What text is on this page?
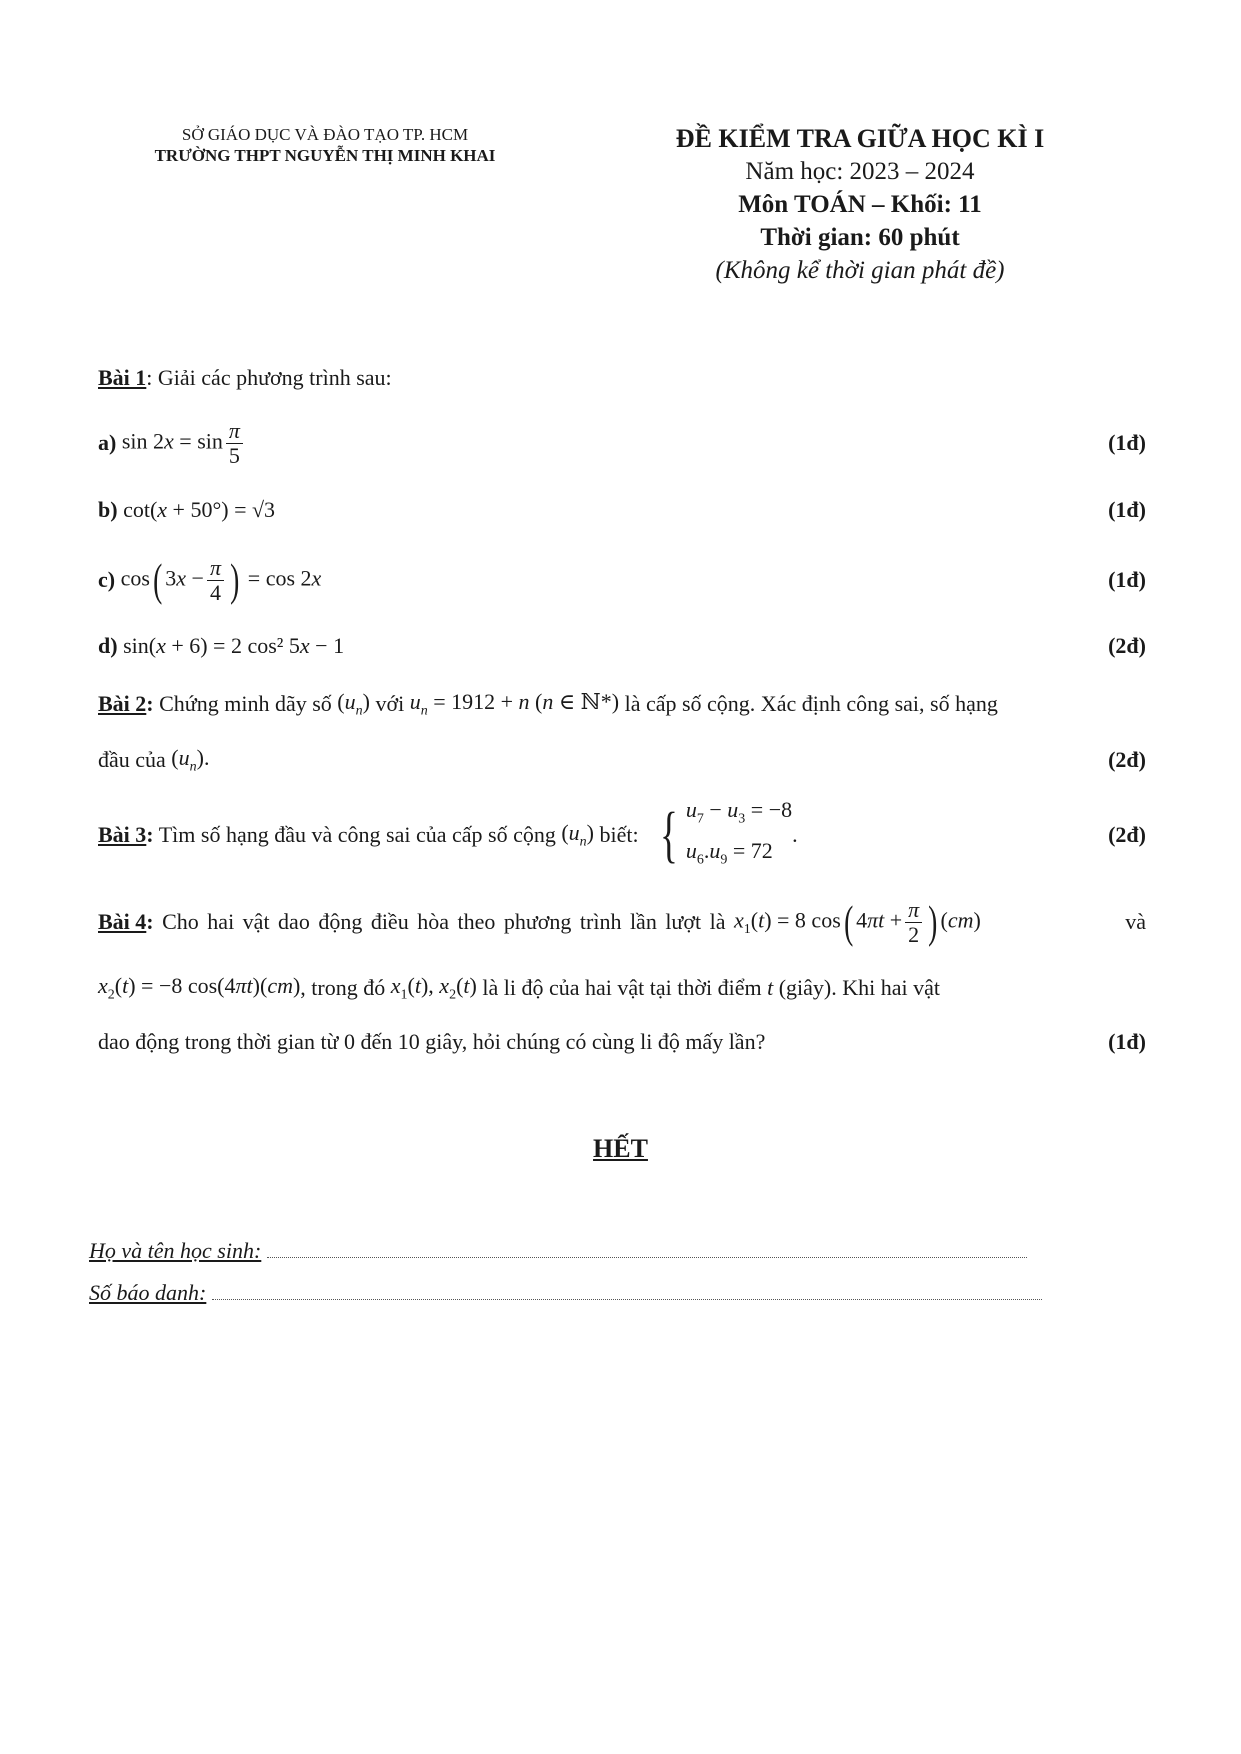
SỞ GIÁO DỤC VÀ ĐÀO TẠO TP. HCM
TRƯỜNG THPT NGUYỄN THỊ MINH KHAI
ĐỀ KIỂM TRA GIỮA HỌC KÌ I
Năm học: 2023 – 2024
Môn TOÁN – Khối: 11
Thời gian: 60 phút
(Không kể thời gian phát đề)
Bài 1 : Giải các phương trình sau:
a)
$\sin 2x = \sin \frac{\pi}{5}$	(1đ)
b)
cot(x + 50°) = √3	(1đ)
c)
cos( $3x - \frac{\pi}{4}$ ) = cos 2x	(1đ)
d)
sin(x + 6) = 2 cos² 5x − 1	(2đ)
Bài 2 : Chứng minh dãy số $(u_n)$ với $u_n = 1912 + n$ (n ∈ ℕ*) là cấp số cộng. Xác định công sai, số hạng
đầu của $(u_n)$.	(2đ)
Bài 3 : Tìm số hạng đầu và công sai của cấp số cộng $(u_n)$ biết: { $u_7 - u_3 = -8$
$u_6.u_9 = 72$
.	(2đ)
Bài 4 : Cho hai vật dao động điều hòa theo phương trình lần lượt là $x_1(t) = 8$ cos( $4\pi t + \frac{\pi}{2}$ ) (cm)	và
$x_2(t) = -8$ cos(4πt)(cm) , trong đó $x_1(t)$, $x_2(t)$ là li độ của hai vật tại thời điểm t (giây). Khi hai vật
dao động trong thời gian từ 0 đến 10 giây, hỏi chúng có cùng li độ mấy lần?	(1đ)
HẾT
Họ và tên học sinh:
Số báo danh:
